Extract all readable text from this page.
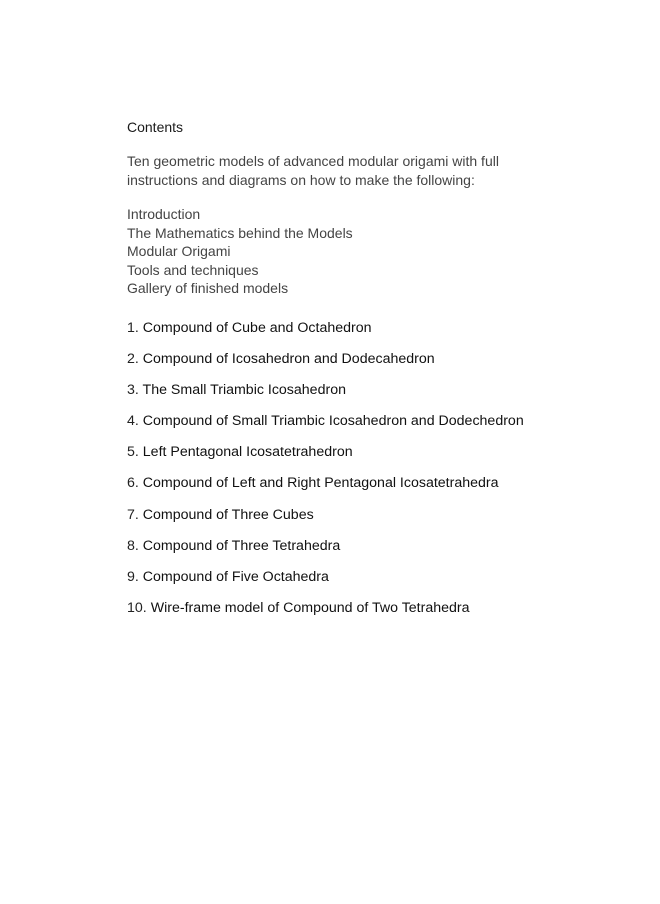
Contents

Ten geometric models of advanced modular origami with full

instructions and diagrams on how to make the following:

Introduction
The Mathematics behind the Models
Modular Origami
Tools and techniques
Gallery of finished models
1. Compound of Cube and Octahedron
2. Compound of Icosahedron and Dodecahedron
3. The Small Triambic Icosahedron
4. Compound of Small Triambic Icosahedron and Dodechedron
5. Left Pentagonal Icosatetrahedron
6. Compound of Left and Right Pentagonal Icosatetrahedra
7. Compound of Three Cubes
8. Compound of Three Tetrahedra
9. Compound of Five Octahedra
10. Wire-frame model of Compound of Two Tetrahedra
